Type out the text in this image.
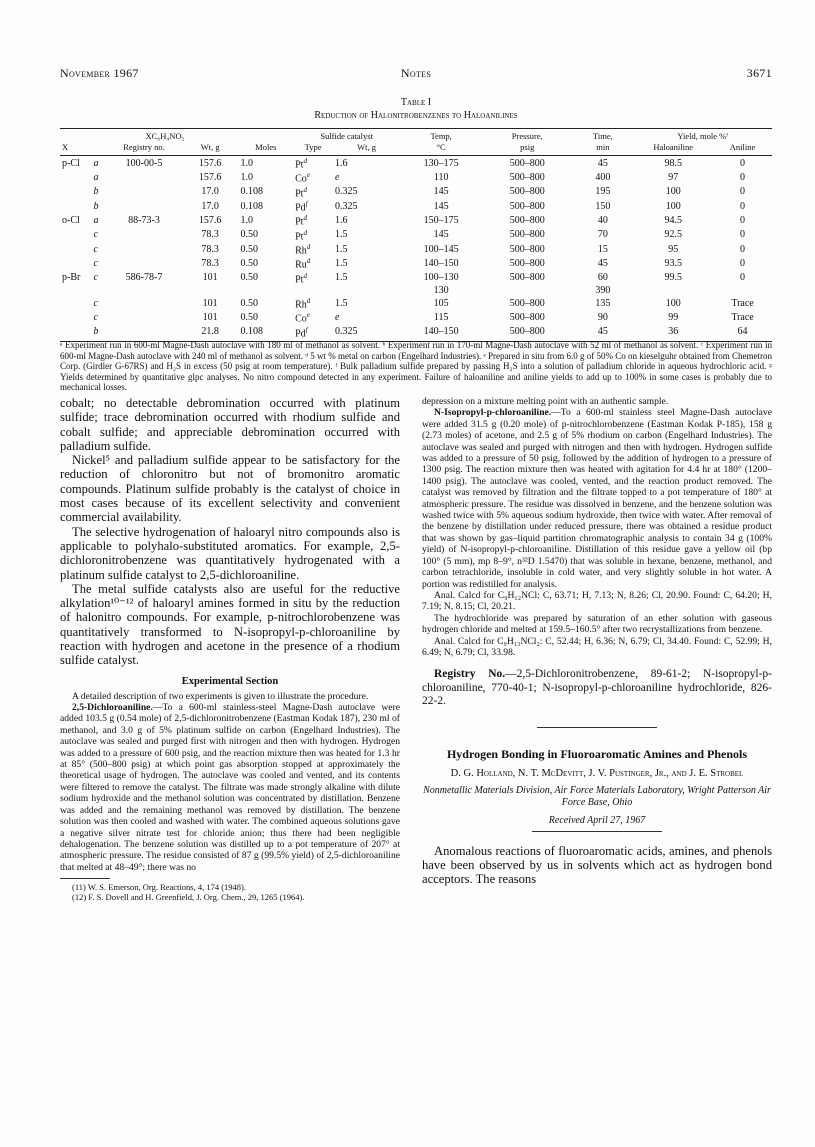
November 1967	Notes	3671
Table I
Reduction of Halonitrobenzenes to Haloanilines
	XC₆H₄NO₂				Sulfide catalyst		Temp,	Pressure,	Time,	Yield, mole %ᶠ	
X		Registry no.	Wt, g	Moles	Type	Wt, g	°C	psig	min	Haloaniline	Aniline
p-Cl	a	100-00-5	157.6	1.0	Pt$^d$	1.6	130–175	500–800	45	98.5	0
	a		157.6	1.0	Co$^e$	e	110	500–800	400	97	0
	b		17.0	0.108	Pt$^d$	0.325	145	500–800	195	100	0
	b		17.0	0.108	Pd$^f$	0.325	145	500–800	150	100	0
o-Cl	a	88-73-3	157.6	1.0	Pt$^d$	1.6	150–175	500–800	40	94.5	0
	c		78.3	0.50	Pt$^d$	1.5	145	500–800	70	92.5	0
	c		78.3	0.50	Rh$^d$	1.5	100–145	500–800	15	95	0
	c		78.3	0.50	Ru$^d$	1.5	140–150	500–800	45	93.5	0
p-Br	c	586-78-7	101	0.50	Pt$^d$	1.5	100–130	500–800	60	99.5	0
							130		390		
	c		101	0.50	Rh$^d$	1.5	105	500–800	135	100	Trace
	c		101	0.50	Co$^e$	e	115	500–800	90	99	Trace
	b		21.8	0.108	Pd$^f$	0.325	140–150	500–800	45	36	64
ᵃ Experiment run in 600-ml Magne-Dash autoclave with 180 ml of methanol as solvent. ᵇ Experiment run in 170-ml Magne-Dash autoclave with 52 ml of methanol as solvent. ᶜ Experiment run in 600-ml Magne-Dash autoclave with 240 ml of methanol as solvent. ᵈ 5 wt % metal on carbon (Engelhard Industries). ᵉ Prepared in situ from 6.0 g of 50% Co on kieselguhr obtained from Chemetron Corp. (Girdler G-67RS) and H₂S in excess (50 psig at room temperature). ᶠ Bulk palladium sulfide prepared by passing H₂S into a solution of palladium chloride in aqueous hydrochloric acid. ᵍ Yields determined by quantitative glpc analyses. No nitro compound detected in any experiment. Failure of haloaniline and aniline yields to add up to 100% in some cases is probably due to mechanical losses.

cobalt; no detectable debromination occurred with platinum sulfide; trace debromination occurred with rhodium sulfide and cobalt sulfide; and appreciable debromination occurred with palladium sulfide.

Nickel⁵ and palladium sulfide appear to be satisfactory for the reduction of chloronitro but not of bromonitro aromatic compounds. Platinum sulfide probably is the catalyst of choice in most cases because of its excellent selectivity and convenient commercial availability.

The selective hydrogenation of haloaryl nitro compounds also is applicable to polyhalo-substituted aromatics. For example, 2,5-dichloronitrobenzene was quantitatively hydrogenated with a platinum sulfide catalyst to 2,5-dichloroaniline.

The metal sulfide catalysts also are useful for the reductive alkylation¹⁰⁻¹² of haloaryl amines formed in situ by the reduction of halonitro compounds. For example, p-nitrochlorobenzene was quantitatively transformed to N-isopropyl-p-chloroaniline by reaction with hydrogen and acetone in the presence of a rhodium sulfide catalyst.

Experimental Section

A detailed description of two experiments is given to illustrate the procedure.

2,5-Dichloroaniline.—To a 600-ml stainless-steel Magne-Dash autoclave were added 103.5 g (0.54 mole) of 2,5-dichloronitrobenzene (Eastman Kodak 187), 230 ml of methanol, and 3.0 g of 5% platinum sulfide on carbon (Engelhard Industries). The autoclave was sealed and purged first with nitrogen and then with hydrogen. Hydrogen was added to a pressure of 600 psig, and the reaction mixture then was heated for 1.3 hr at 85° (500–800 psig) at which point gas absorption stopped at approximately the theoretical usage of hydrogen. The autoclave was cooled and vented, and its contents were filtered to remove the catalyst. The filtrate was made strongly alkaline with dilute sodium hydroxide and the methanol solution was concentrated by distillation. Benzene was added and the remaining methanol was removed by distillation. The benzene solution was then cooled and washed with water. The combined aqueous solutions gave a negative silver nitrate test for chloride anion; thus there had been negligible dehalogenation. The benzene solution was distilled up to a pot temperature of 207° at atmospheric pressure. The residue consisted of 87 g (99.5% yield) of 2,5-dichloroaniline that melted at 48–49°; there was no

(11) W. S. Emerson, Org. Reactions, 4, 174 (1948).

(12) F. S. Dovell and H. Greenfield, J. Org. Chem., 29, 1265 (1964).

depression on a mixture melting point with an authentic sample.

N-Isopropyl-p-chloroaniline.—To a 600-ml stainless steel Magne-Dash autoclave were added 31.5 g (0.20 mole) of p-nitrochlorobenzene (Eastman Kodak P-185), 158 g (2.73 moles) of acetone, and 2.5 g of 5% rhodium on carbon (Engelhard Industries). The autoclave was sealed and purged with nitrogen and then with hydrogen. Hydrogen sulfide was added to a pressure of 50 psig, followed by the addition of hydrogen to a pressure of 1300 psig. The reaction mixture then was heated with agitation for 4.4 hr at 180° (1200–1400 psig). The autoclave was cooled, vented, and the reaction product removed. The catalyst was removed by filtration and the filtrate topped to a pot temperature of 180° at atmospheric pressure. The residue was dissolved in benzene, and the benzene solution was washed twice with 5% aqueous sodium hydroxide, then twice with water. After removal of the benzene by distillation under reduced pressure, there was obtained a residue product that was shown by gas–liquid partition chromatographic analysis to contain 34 g (100% yield) of N-isopropyl-p-chloroaniline. Distillation of this residue gave a yellow oil (bp 100° (5 mm), mp 8–9°, n³²D 1.5470) that was soluble in hexane, benzene, methanol, and carbon tetrachloride, insoluble in cold water, and very slightly soluble in hot water. A portion was redistilled for analysis.

Anal. Calcd for C₉H₁₂NCl: C, 63.71; H, 7.13; N, 8.26; Cl, 20.90. Found: C, 64.20; H, 7.19; N, 8.15; Cl, 20.21.

The hydrochloride was prepared by saturation of an ether solution with gaseous hydrogen chloride and melted at 159.5–160.5° after two recrystallizations from benzene.

Anal. Calcd for C₉H₁₃NCl₂: C, 52.44; H, 6.36; N, 6.79; Cl, 34.40. Found: C, 52.99; H, 6.49; N, 6.79; Cl, 33.98.

Registry No.—2,5-Dichloronitrobenzene, 89-61-2; N-isopropyl-p-chloroaniline, 770-40-1; N-isopropyl-p-chloroaniline hydrochloride, 826-22-2.

Hydrogen Bonding in Fluoroaromatic Amines and Phenols
D. G. Holland, N. T. McDevitt, J. V. Pustinger, Jr., and J. E. Strobel
Nonmetallic Materials Division, Air Force Materials Laboratory, Wright Patterson Air Force Base, Ohio
Received April 27, 1967

Anomalous reactions of fluoroaromatic acids, amines, and phenols have been observed by us in solvents which act as hydrogen bond acceptors. The reasons
